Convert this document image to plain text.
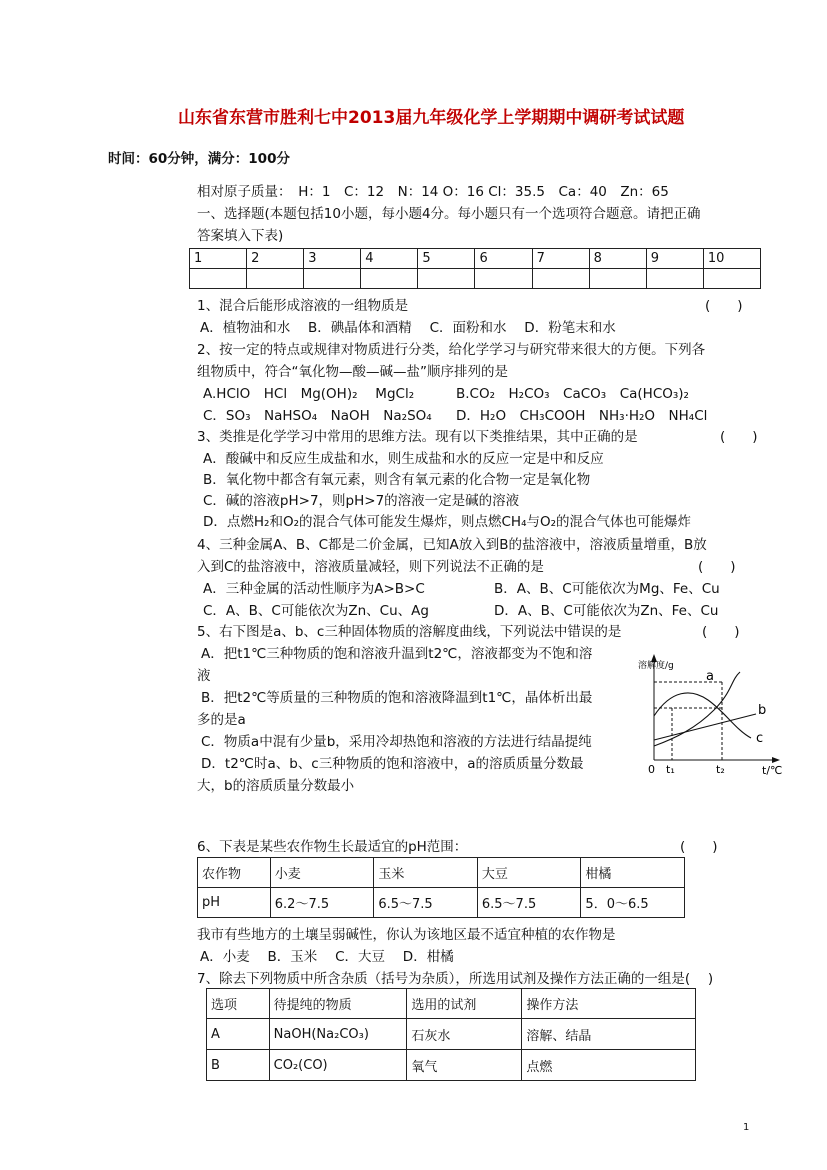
山东省东营市胜利七中2013届九年级化学上学期期中调研考试试题
时间：60分钟，满分：100分
相对原子质量：　H：1　C：12　N：14 O：16 Cl：35.5　Ca：40　Zn：65
一、选择题(本题包括10小题，每小题4分。每小题只有一个选项符合题意。请把正确
答案填入下表)
1	2	3	4	5	6	7	8	9	10

1、混合后能形成溶液的一组物质是	(　　)
A．植物油和水　 B．碘晶体和酒精　 C．面粉和水　 D．粉笔末和水
2、按一定的特点或规律对物质进行分类，给化学学习与研究带来很大的方便。下列各
组物质中，符合“氧化物—酸—碱—盐”顺序排列的是
A.HClO　HCl　Mg(OH)₂　 MgCl₂	B.CO₂　H₂CO₃　CaCO₃　Ca(HCO₃)₂
C．SO₃　NaHSO₄　NaOH　Na₂SO₄ D．H₂O　CH₃COOH　NH₃·H₂O　NH₄Cl
3、类推是化学学习中常用的思维方法。现有以下类推结果，其中正确的是	(　　)
A．酸碱中和反应生成盐和水，则生成盐和水的反应一定是中和反应
B．氧化物中都含有氧元素，则含有氧元素的化合物一定是氧化物
C．碱的溶液pH>7，则pH>7的溶液一定是碱的溶液
D．点燃H₂和O₂的混合气体可能发生爆炸，则点燃CH₄与O₂的混合气体也可能爆炸
4、三种金属A、B、C都是二价金属，已知A放入到B的盐溶液中，溶液质量增重，B放
入到C的盐溶液中，溶液质量减轻，则下列说法不正确的是	(　　)
A．三种金属的活动性顺序为A>B>C	B．A、B、C可能依次为Mg、Fe、Cu
C．A、B、C可能依次为Zn、Cu、Ag	D．A、B、C可能依次为Zn、Fe、Cu
5、右下图是a、b、c三种固体物质的溶解度曲线，下列说法中错误的是	(　　)
A．把t1℃三种物质的饱和溶液升温到t2℃，溶液都变为不饱和溶
液
B．把t2℃等质量的三种物质的饱和溶液降温到t1℃，晶体析出最
多的是a
C．物质a中混有少量b，采用冷却热饱和溶液的方法进行结晶提纯
D．t2℃时a、b、c三种物质的饱和溶液中，a的溶质质量分数最
大，b的溶质质量分数最小
溶解度/g
a
b
c
0 t₁	t₂	t/℃
6、下表是某些农作物生长最适宜的pH范围：	(　　)
农作物	小麦	玉米	大豆	柑橘
pH	6.2～7.5	6.5～7.5	6.5～7.5	5．0～6.5
我市有些地方的土壤呈弱碱性，你认为该地区最不适宜种植的农作物是
A．小麦　 B．玉米　 C．大豆　 D．柑橘
7、除去下列物质中所含杂质（括号为杂质），所选用试剂及操作方法正确的一组是(　 )
选项	待提纯的物质	选用的试剂	操作方法
A	NaOH(Na₂CO₃)	石灰水	溶解、结晶
B	CO₂(CO)	氧气	点燃
1
